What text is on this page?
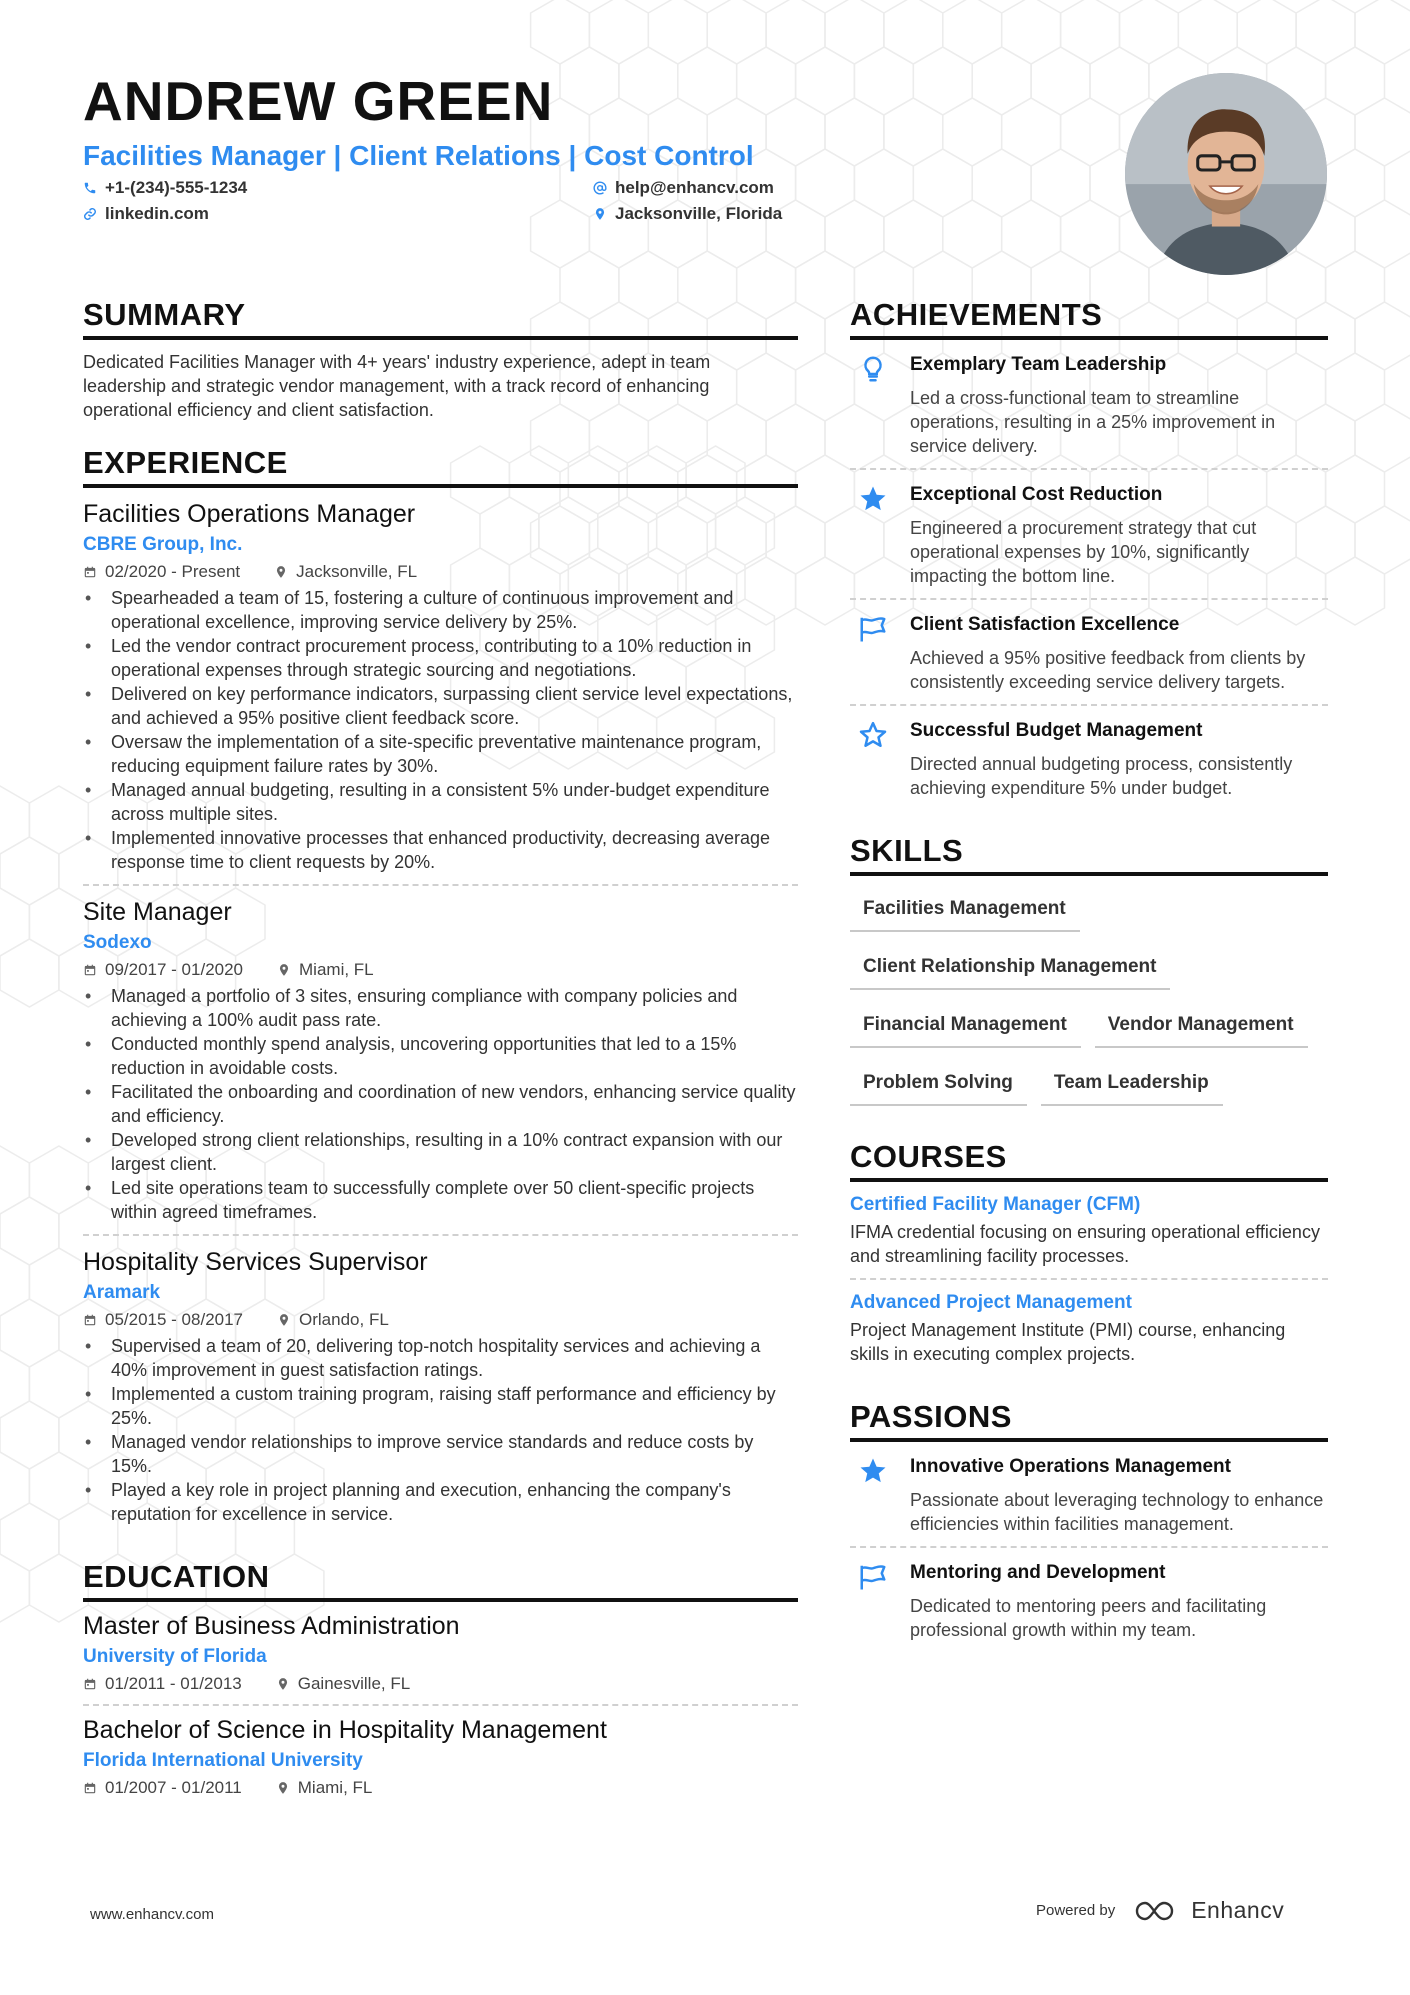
ANDREW GREEN
Facilities Manager | Client Relations | Cost Control
+1-(234)-555-1234	help@enhancv.com
linkedin.com	Jacksonville, Florida
SUMMARY
Dedicated Facilities Manager with 4+ years' industry experience, adept in team leadership and strategic vendor management, with a track record of enhancing operational efficiency and client satisfaction.
EXPERIENCE
Facilities Operations Manager
CBRE Group, Inc.
02/2020 - Present	Jacksonville, FL
• Spearheaded a team of 15, fostering a culture of continuous improvement and operational excellence, improving service delivery by 25%.
• Led the vendor contract procurement process, contributing to a 10% reduction in operational expenses through strategic sourcing and negotiations.
• Delivered on key performance indicators, surpassing client service level expectations, and achieved a 95% positive client feedback score.
• Oversaw the implementation of a site-specific preventative maintenance program, reducing equipment failure rates by 30%.
• Managed annual budgeting, resulting in a consistent 5% under-budget expenditure across multiple sites.
• Implemented innovative processes that enhanced productivity, decreasing average response time to client requests by 20%.
Site Manager
Sodexo
09/2017 - 01/2020	Miami, FL
• Managed a portfolio of 3 sites, ensuring compliance with company policies and achieving a 100% audit pass rate.
• Conducted monthly spend analysis, uncovering opportunities that led to a 15% reduction in avoidable costs.
• Facilitated the onboarding and coordination of new vendors, enhancing service quality and efficiency.
• Developed strong client relationships, resulting in a 10% contract expansion with our largest client.
• Led site operations team to successfully complete over 50 client-specific projects within agreed timeframes.
Hospitality Services Supervisor
Aramark
05/2015 - 08/2017	Orlando, FL
• Supervised a team of 20, delivering top-notch hospitality services and achieving a 40% improvement in guest satisfaction ratings.
• Implemented a custom training program, raising staff performance and efficiency by 25%.
• Managed vendor relationships to improve service standards and reduce costs by 15%.
• Played a key role in project planning and execution, enhancing the company's reputation for excellence in service.
EDUCATION
Master of Business Administration
University of Florida
01/2011 - 01/2013	Gainesville, FL
Bachelor of Science in Hospitality Management
Florida International University
01/2007 - 01/2011	Miami, FL
ACHIEVEMENTS
Exemplary Team Leadership
Led a cross-functional team to streamline operations, resulting in a 25% improvement in service delivery.
Exceptional Cost Reduction
Engineered a procurement strategy that cut operational expenses by 10%, significantly impacting the bottom line.
Client Satisfaction Excellence
Achieved a 95% positive feedback from clients by consistently exceeding service delivery targets.
Successful Budget Management
Directed annual budgeting process, consistently achieving expenditure 5% under budget.
SKILLS
Facilities Management
Client Relationship Management
Financial Management	Vendor Management
Problem Solving	Team Leadership
COURSES
Certified Facility Manager (CFM)
IFMA credential focusing on ensuring operational efficiency and streamlining facility processes.
Advanced Project Management
Project Management Institute (PMI) course, enhancing skills in executing complex projects.
PASSIONS
Innovative Operations Management
Passionate about leveraging technology to enhance efficiencies within facilities management.
Mentoring and Development
Dedicated to mentoring peers and facilitating professional growth within my team.
www.enhancv.com	Powered by	Enhancv
